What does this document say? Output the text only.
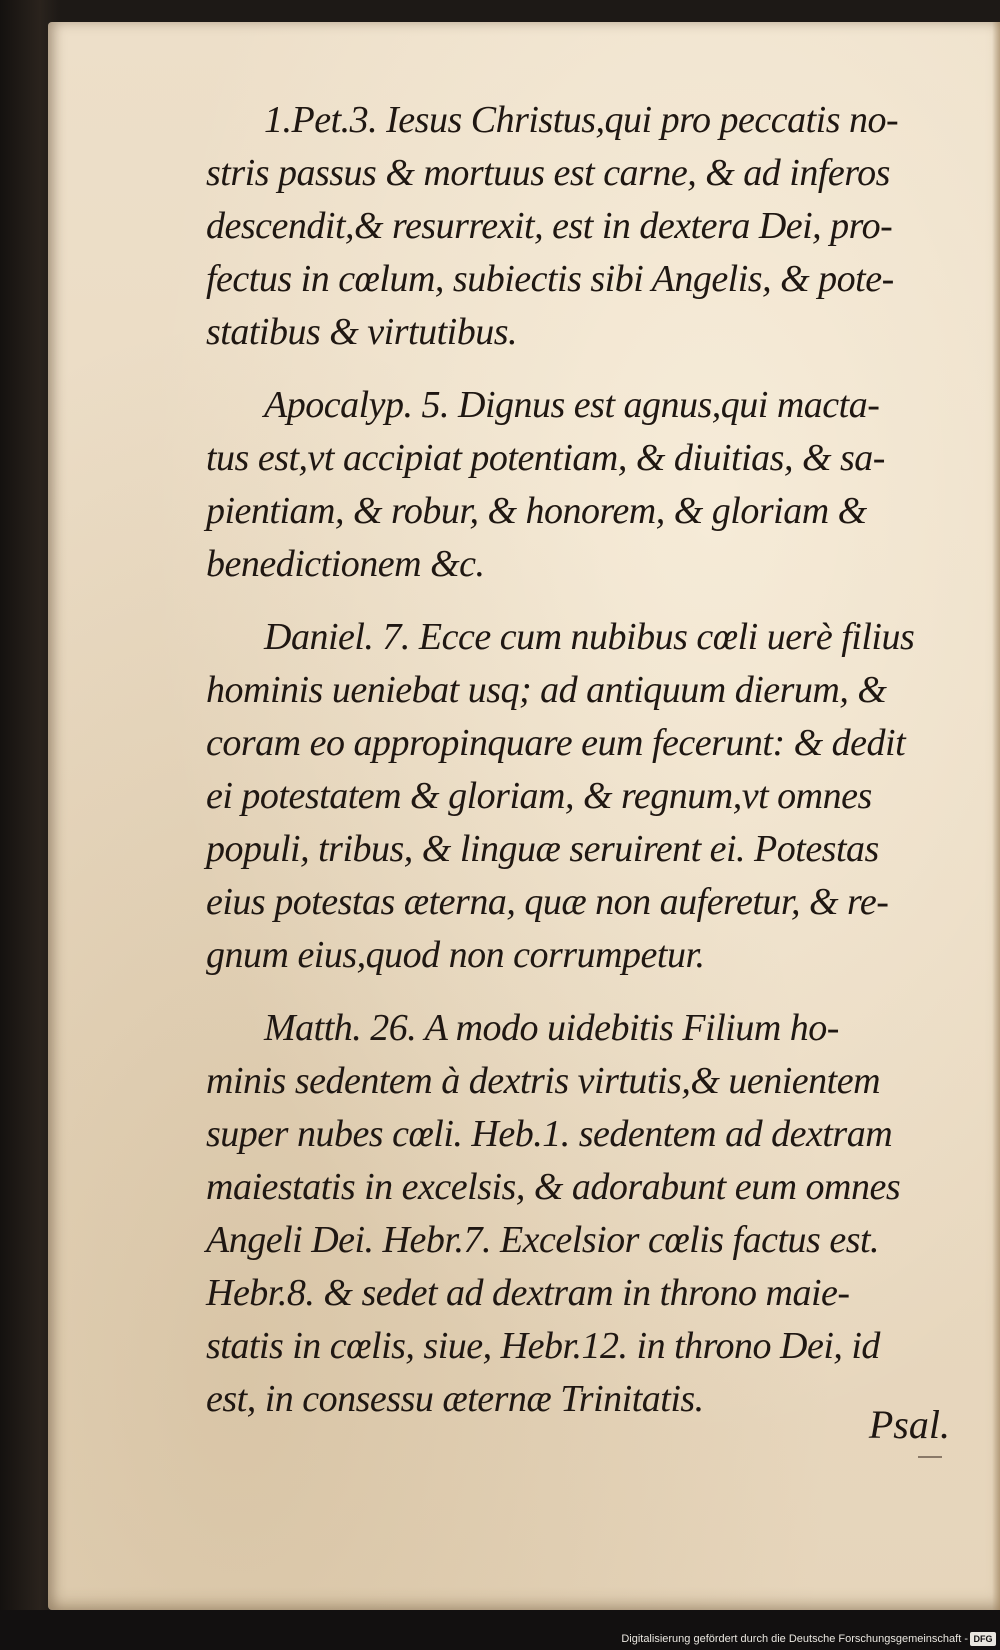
1.Pet.3. Iesus Christus,qui pro peccatis no-
stris passus & mortuus est carne, & ad inferos
descendit,& resurrexit, est in dextera Dei, pro-
fectus in cœlum, subiectis sibi Angelis, & pote-
statibus & virtutibus.
Apocalyp. 5. Dignus est agnus,qui macta-
tus est,vt accipiat potentiam, & diuitias, & sa-
pientiam, & robur, & honorem, & gloriam &
benedictionem &c.
Daniel. 7. Ecce cum nubibus cœli uerè filius
hominis ueniebat usq; ad antiquum dierum, &
coram eo appropinquare eum fecerunt: & dedit
ei potestatem & gloriam, & regnum,vt omnes
populi, tribus, & linguæ seruirent ei. Potestas
eius potestas æterna, quæ non auferetur, & re-
gnum eius,quod non corrumpetur.
Matth. 26. A modo uidebitis Filium ho-
minis sedentem à dextris virtutis,& uenientem
super nubes cœli. Heb.1. sedentem ad dextram
maiestatis in excelsis, & adorabunt eum omnes
Angeli Dei. Hebr.7. Excelsior cœlis factus est.
Hebr.8. & sedet ad dextram in throno maie-
statis in cœlis, siue, Hebr.12. in throno Dei, id
est, in consessu æternæ Trinitatis.
Psal.
Digitalisierung gefördert durch die Deutsche Forschungsgemeinschaft - DFG
